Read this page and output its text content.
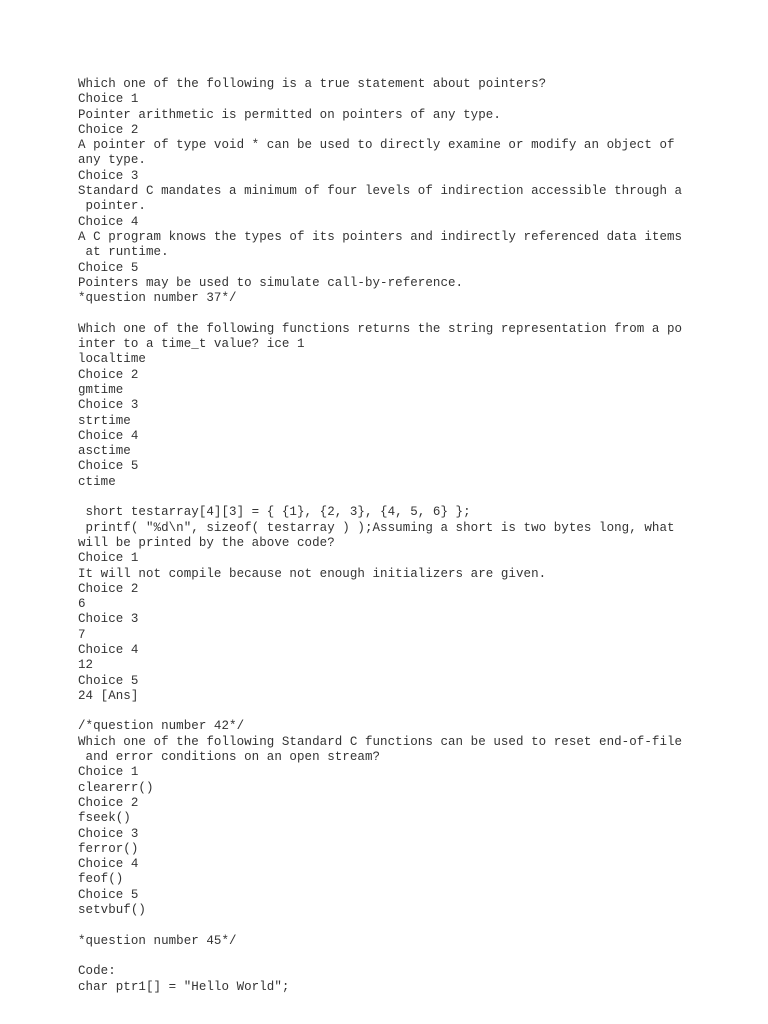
Which one of the following is a true statement about pointers?
Choice 1
Pointer arithmetic is permitted on pointers of any type.
Choice 2
A pointer of type void * can be used to directly examine or modify an object of
any type.
Choice 3
Standard C mandates a minimum of four levels of indirection accessible through a
pointer.
Choice 4
A C program knows the types of its pointers and indirectly referenced data items
at runtime.
Choice 5
Pointers may be used to simulate call-by-reference.
*question number 37*/
Which one of the following functions returns the string representation from a po
inter to a time_t value? ice 1
localtime
Choice 2
gmtime
Choice 3
strtime
Choice 4
asctime
Choice 5
ctime
short testarray[4][3] = { {1}, {2, 3}, {4, 5, 6} };
printf( "%d\n", sizeof( testarray ) );Assuming a short is two bytes long, what
will be printed by the above code?
Choice 1
It will not compile because not enough initializers are given.
Choice 2
6
Choice 3
7
Choice 4
12
Choice 5
24 [Ans]
/*question number 42*/
Which one of the following Standard C functions can be used to reset end-of-file
and error conditions on an open stream?
Choice 1
clearerr()
Choice 2
fseek()
Choice 3
ferror()
Choice 4
feof()
Choice 5
setvbuf()
*question number 45*/
Code:
char ptr1[] = "Hello World";
